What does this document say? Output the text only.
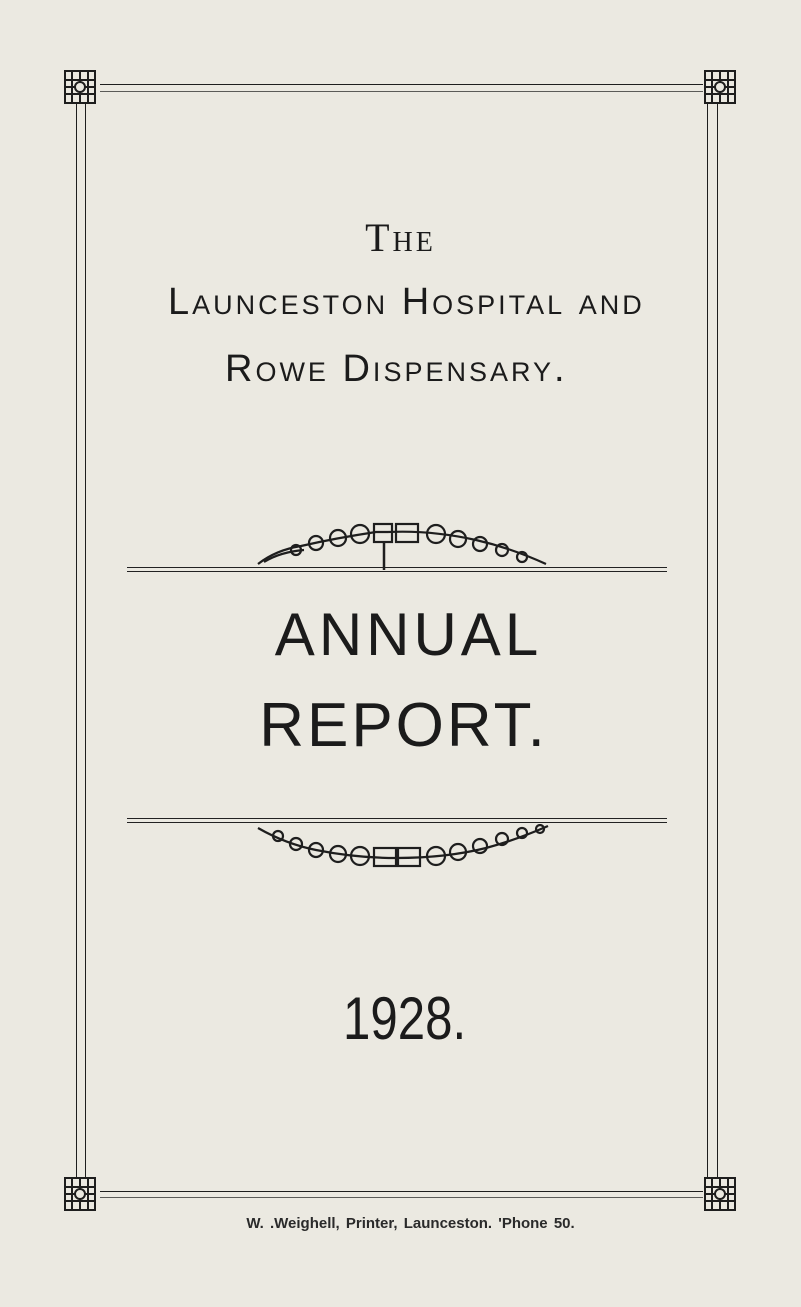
The
Launceston Hospital and
Rowe Dispensary.
ANNUAL
REPORT.
1928.
W. .Weighell, Printer, Launceston. 'Phone 50.
